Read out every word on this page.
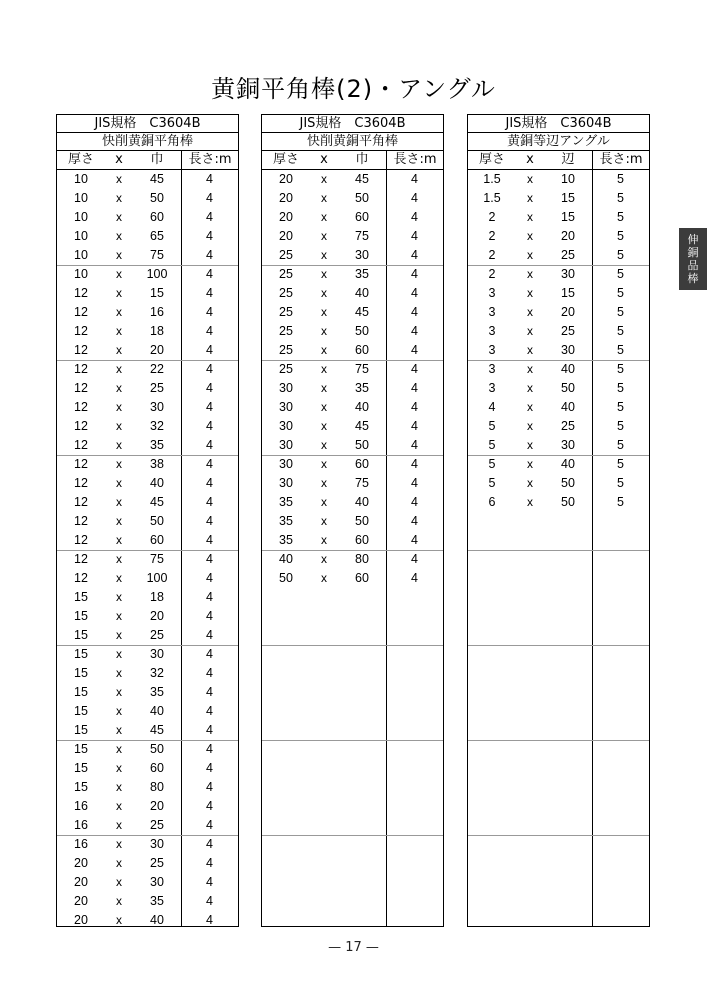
黄銅平角棒(2)・アングル
JIS規格　C3604B
快削黄銅平角棒
厚さ	x	巾	長さ:m
10	x	45	4
10	x	50	4
10	x	60	4
10	x	65	4
10	x	75	4
10	x	100	4
12	x	15	4
12	x	16	4
12	x	18	4
12	x	20	4
12	x	22	4
12	x	25	4
12	x	30	4
12	x	32	4
12	x	35	4
12	x	38	4
12	x	40	4
12	x	45	4
12	x	50	4
12	x	60	4
12	x	75	4
12	x	100	4
15	x	18	4
15	x	20	4
15	x	25	4
15	x	30	4
15	x	32	4
15	x	35	4
15	x	40	4
15	x	45	4
15	x	50	4
15	x	60	4
15	x	80	4
16	x	20	4
16	x	25	4
16	x	30	4
20	x	25	4
20	x	30	4
20	x	35	4
20	x	40	4
JIS規格　C3604B
快削黄銅平角棒
厚さ	x	巾	長さ:m
20	x	45	4
20	x	50	4
20	x	60	4
20	x	75	4
25	x	30	4
25	x	35	4
25	x	40	4
25	x	45	4
25	x	50	4
25	x	60	4
25	x	75	4
30	x	35	4
30	x	40	4
30	x	45	4
30	x	50	4
30	x	60	4
30	x	75	4
35	x	40	4
35	x	50	4
35	x	60	4
40	x	80	4
50	x	60	4
JIS規格　C3604B
黄銅等辺アングル
厚さ	x	辺	長さ:m
1.5	x	10	5
1.5	x	15	5
2	x	15	5
2	x	20	5
2	x	25	5
2	x	30	5
3	x	15	5
3	x	20	5
3	x	25	5
3	x	30	5
3	x	40	5
3	x	50	5
4	x	40	5
5	x	25	5
5	x	30	5
5	x	40	5
5	x	50	5
6	x	50	5
伸
銅
品
棒
— 17 —
